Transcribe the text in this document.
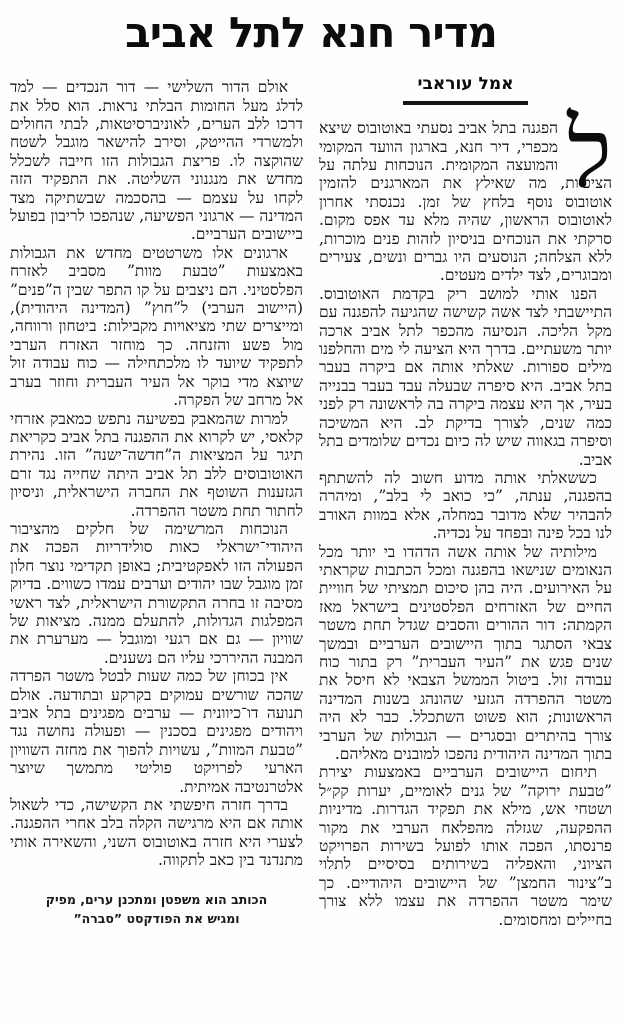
מדיר חנא לתל אביב
אמל עוראבי

ל
הפגנה בתל אביב נסעתי באוטובוס שיצא מכפרי, דיר חנא, בארגון הוועד המקומי והמועצה המקומית. הנוכחות עלתה על הציפיות, מה שאילץ את המארגנים להזמין אוטובוס נוסף בלחץ של זמן. נכנסתי אחרון לאוטובוס הראשון, שהיה מלא עד אפס מקום. סרקתי את הנוכחים בניסיון לזהות פנים מוכרות, ללא הצלחה; הנוסעים היו גברים ונשים, צעירים ומבוגרים, לצד ילדים מעטים.

הפנו אותי למושב ריק בקדמת האוטובוס. התיישבתי לצד אשה קשישה שהגיעה להפגנה עם מקל הליכה. הנסיעה מהכפר לתל אביב ארכה יותר משעתיים. בדרך היא הציעה לי מים והחלפנו מילים ספורות. שאלתי אותה אם ביקרה בעבר בתל אביב. היא סיפרה שבעלה עבד בעבר בבנייה בעיר, אך היא עצמה ביקרה בה לראשונה רק לפני כמה שנים, לצורך בדיקת לב. היא המשיכה וסיפרה בגאווה שיש לה כיום נכדים שלומדים בתל אביב.

כששאלתי אותה מדוע חשוב לה להשתתף בהפגנה, ענתה, ”כי כואב לי בלב”, ומיהרה להבהיר שלא מדובר במחלה, אלא במוות האורב לנו בכל פינה ובפחד על נכדיה.

מילותיה של אותה אשה הדהדו בי יותר מכל הנאומים שנישאו בהפגנה ומכל הכתבות שקראתי על האירועים. היה בהן סיכום תמציתי של חוויית החיים של האזרחים הפלסטינים בישראל מאז הקמתה: דור ההורים והסבים שגדל תחת משטר צבאי הסתגר בתוך היישובים הערביים ובמשך שנים פגש את ”העיר העברית” רק בתור כוח עבודה זול. ביטול הממשל הצבאי לא חיסל את משטר ההפרדה הגזעי שהונהג בשנות המדינה הראשונות; הוא פשוט השתכלל. כבר לא היה צורך בהיתרים ובסגרים — הגבולות של הערבי בתוך המדינה היהודית נהפכו למובנים מאליהם.

תיחום היישובים הערביים באמצעות יצירת ”טבעת ירוקה” של גנים לאומיים, יערות קק״ל ושטחי אש, מילא את תפקיד הגדרות. מדיניות ההפקעה, שגזלה מהפלאח הערבי את מקור פרנסתו, הפכה אותו לפועל בשירות הפרויקט הציוני, והאפליה בשירותים בסיסיים לתלוי ב”צינור החמצן” של היישובים היהודיים. כך שימר משטר ההפרדה את עצמו ללא צורך בחיילים ומחסומים.

אולם הדור השלישי — דור הנכדים — למד לדלג מעל החומות הבלתי נראות. הוא סלל את דרכו ללב הערים, לאוניברסיטאות, לבתי החולים ולמשרדי ההייטק, וסירב להישאר מוגבל לשטח שהוקצה לו. פריצת הגבולות הזו חייבה לשכלל מחדש את מנגנוני השליטה. את התפקיד הזה לקחו על עצמם — בהסכמה שבשתיקה מצד המדינה — ארגוני הפשיעה, שנהפכו לריבון בפועל ביישובים הערביים.

ארגונים אלו משרטטים מחדש את הגבולות באמצעות ”טבעת מוות” מסביב לאזרח הפלסטיני. הם ניצבים על קו התפר שבין ה”פנים” (היישוב הערבי) ל”חוץ” (המדינה היהודית), ומייצרים שתי מציאויות מקבילות: ביטחון ורווחה, מול פשע והזנחה. כך מוחזר האזרח הערבי לתפקיד שיועד לו מלכתחילה — כוח עבודה זול שיוצא מדי בוקר אל העיר העברית וחוזר בערב אל מרחב של הפקרה.

למרות שהמאבק בפשיעה נתפש כמאבק אזרחי קלאסי, יש לקרוא את ההפגנה בתל אביב כקריאת תיגר על המציאות ה”חדשה־ישנה” הזו. נהירת האוטובוסים ללב תל אביב היתה שחייה נגד זרם הגזענות השוטף את החברה הישראלית, וניסיון לחתור תחת משטר ההפרדה.

הנוכחות המרשימה של חלקים מהציבור היהודי־ישראלי כאות סולידריות הפכה את הפעולה הזו לאפקטיבית; באופן תקדימי נוצר חלון זמן מוגבל שבו יהודים וערבים עמדו כשווים. בדיוק מסיבה זו בחרה התקשורת הישראלית, לצד ראשי המפלגות הגדולות, להתעלם ממנה. מציאות של שוויון — גם אם רגעי ומוגבל — מערערת את המבנה ההיררכי עליו הם נשענים.

אין בכוחן של כמה שעות לבטל משטר הפרדה שהכה שורשים עמוקים בקרקע ובתודעה. אולם תנועה דו־כיוונית — ערבים מפגינים בתל אביב ויהודים מפגינים בסכנין — ופעולה נחושה נגד ”טבעת המוות”, עשויות להפוך את מחזה השוויון הארעי לפרויקט פוליטי מתמשך שיוצר אלטרנטיבה אמיתית.

בדרך חזרה חיפשתי את הקשישה, כדי לשאול אותה אם היא מרגישה הקלה בלב אחרי ההפגנה. לצערי היא חזרה באוטובוס השני, והשאירה אותי מתנדנד בין כאב לתקווה.

הכותב הוא משפטן ומתכנן ערים, מפיק ומגיש את הפודקסט ”סברה”
